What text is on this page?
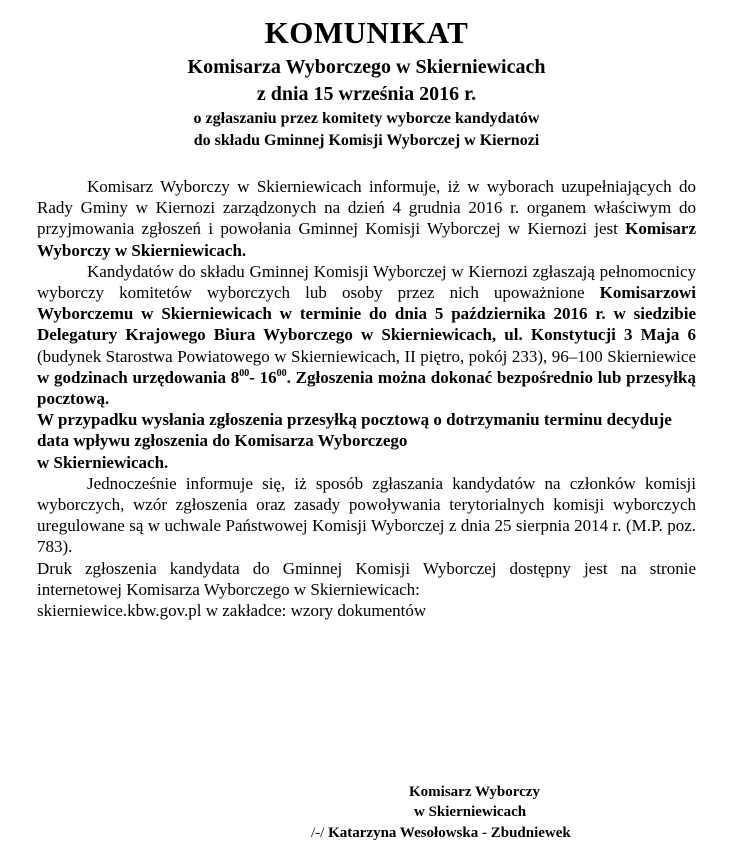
KOMUNIKAT
Komisarza Wyborczego w Skierniewicach
z dnia 15 września 2016 r.
o zgłaszaniu przez komitety wyborcze kandydatów
do składu Gminnej Komisji Wyborczej w Kiernozi

Komisarz Wyborczy w Skierniewicach informuje, iż w wyborach uzupełniających do Rady Gminy w Kiernozi zarządzonych na dzień 4 grudnia 2016 r. organem właściwym do przyjmowania zgłoszeń i powołania Gminnej Komisji Wyborczej w Kiernozi jest Komisarz Wyborczy w Skierniewicach.

Kandydatów do składu Gminnej Komisji Wyborczej w Kiernozi zgłaszają pełnomocnicy wyborczy komitetów wyborczych lub osoby przez nich upoważnione Komisarzowi Wyborczemu w Skierniewicach w terminie do dnia 5 października 2016 r. w siedzibie Delegatury Krajowego Biura Wyborczego w Skierniewicach, ul. Konstytucji 3 Maja 6 (budynek Starostwa Powiatowego w Skierniewicach, II piętro, pokój 233), 96–100 Skierniewice w godzinach urzędowania $8^{00}-$ $16^{00}$. Zgłoszenia można dokonać bezpośrednio lub przesyłką pocztową.

W przypadku wysłania zgłoszenia przesyłką pocztową o dotrzymaniu terminu decyduje data wpływu zgłoszenia do Komisarza Wyborczego

w Skierniewicach.

Jednocześnie informuje się, iż sposób zgłaszania kandydatów na członków komisji wyborczych, wzór zgłoszenia oraz zasady powoływania terytorialnych komisji wyborczych uregulowane są w uchwale Państwowej Komisji Wyborczej z dnia 25 sierpnia 2014 r. (M.P. poz. 783).

Druk zgłoszenia kandydata do Gminnej Komisji Wyborczej dostępny jest na stronie internetowej Komisarza Wyborczego w Skierniewicach:

skierniewice.kbw.gov.pl w zakładce: wzory dokumentów

Komisarz Wyborczy
w Skierniewicach
/-/ Katarzyna Wesołowska - Zbudniewek
